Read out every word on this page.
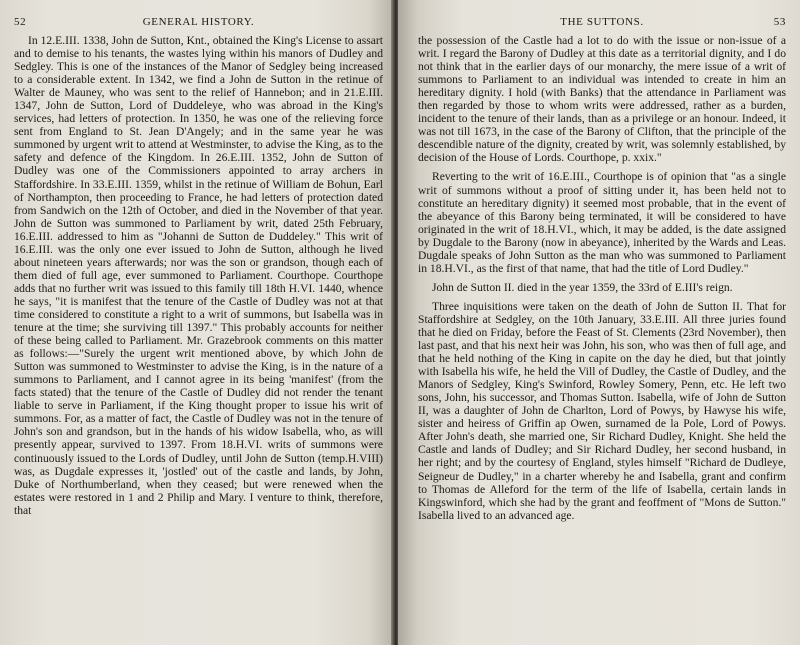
52	GENERAL HISTORY.

In 12.E.III. 1338, John de Sutton, Knt., obtained the King's License to assart and to demise to his tenants, the wastes lying within his manors of Dudley and Sedgley. This is one of the instances of the Manor of Sedgley being increased to a considerable extent. In 1342, we find a John de Sutton in the retinue of Walter de Mauney, who was sent to the relief of Hannebon; and in 21.E.III. 1347, John de Sutton, Lord of Duddeleye, who was abroad in the King's services, had letters of protection. In 1350, he was one of the relieving force sent from England to St. Jean D'Angely; and in the same year he was summoned by urgent writ to attend at Westminster, to advise the King, as to the safety and defence of the Kingdom. In 26.E.III. 1352, John de Sutton of Dudley was one of the Commissioners appointed to array archers in Staffordshire. In 33.E.III. 1359, whilst in the retinue of William de Bohun, Earl of Northampton, then proceeding to France, he had letters of protection dated from Sandwich on the 12th of October, and died in the November of that year. John de Sutton was summoned to Parliament by writ, dated 25th February, 16.E.III. addressed to him as "Johanni de Sutton de Duddeley." This writ of 16.E.III. was the only one ever issued to John de Sutton, although he lived about nineteen years afterwards; nor was the son or grandson, though each of them died of full age, ever summoned to Parliament. Courthope. Courthope adds that no further writ was issued to this family till 18th H.VI. 1440, whence he says, "it is manifest that the tenure of the Castle of Dudley was not at that time considered to constitute a right to a writ of summons, but Isabella was in tenure at the time; she surviving till 1397." This probably accounts for neither of these being called to Parliament. Mr. Grazebrook comments on this matter as follows:—"Surely the urgent writ mentioned above, by which John de Sutton was summoned to Westminster to advise the King, is in the nature of a summons to Parliament, and I cannot agree in its being 'manifest' (from the facts stated) that the tenure of the Castle of Dudley did not render the tenant liable to serve in Parliament, if the King thought proper to issue his writ of summons. For, as a matter of fact, the Castle of Dudley was not in the tenure of John's son and grandson, but in the hands of his widow Isabella, who, as will presently appear, survived to 1397. From 18.H.VI. writs of summons were continuously issued to the Lords of Dudley, until John de Sutton (temp.H.VIII) was, as Dugdale expresses it, 'jostled' out of the castle and lands, by John, Duke of Northumberland, when they ceased; but were renewed when the estates were restored in 1 and 2 Philip and Mary. I venture to think, therefore, that

THE SUTTONS.	53

the possession of the Castle had a lot to do with the issue or non-issue of a writ. I regard the Barony of Dudley at this date as a territorial dignity, and I do not think that in the earlier days of our monarchy, the mere issue of a writ of summons to Parliament to an individual was intended to create in him an hereditary dignity. I hold (with Banks) that the attendance in Parliament was then regarded by those to whom writs were addressed, rather as a burden, incident to the tenure of their lands, than as a privilege or an honour. Indeed, it was not till 1673, in the case of the Barony of Clifton, that the principle of the descendible nature of the dignity, created by writ, was solemnly established, by decision of the House of Lords. Courthope, p. xxix."

Reverting to the writ of 16.E.III., Courthope is of opinion that "as a single writ of summons without a proof of sitting under it, has been held not to constitute an hereditary dignity) it seemed most probable, that in the event of the abeyance of this Barony being terminated, it will be considered to have originated in the writ of 18.H.VI., which, it may be added, is the date assigned by Dugdale to the Barony (now in abeyance), inherited by the Wards and Leas. Dugdale speaks of John Sutton as the man who was summoned to Parliament in 18.H.VI., as the first of that name, that had the title of Lord Dudley."

John de Sutton II. died in the year 1359, the 33rd of E.III's reign.

Three inquisitions were taken on the death of John de Sutton II. That for Staffordshire at Sedgley, on the 10th January, 33.E.III. All three juries found that he died on Friday, before the Feast of St. Clements (23rd November), then last past, and that his next heir was John, his son, who was then of full age, and that he held nothing of the King in capite on the day he died, but that jointly with Isabella his wife, he held the Vill of Dudley, the Castle of Dudley, and the Manors of Sedgley, King's Swinford, Rowley Somery, Penn, etc. He left two sons, John, his successor, and Thomas Sutton. Isabella, wife of John de Sutton II, was a daughter of John de Charlton, Lord of Powys, by Hawyse his wife, sister and heiress of Griffin ap Owen, surnamed de la Pole, Lord of Powys. After John's death, she married one, Sir Richard Dudley, Knight. She held the Castle and lands of Dudley; and Sir Richard Dudley, her second husband, in her right; and by the courtesy of England, styles himself "Richard de Dudleye, Seigneur de Dudley," in a charter whereby he and Isabella, grant and confirm to Thomas de Alleford for the term of the life of Isabella, certain lands in Kingswinford, which she had by the grant and feoffment of "Mons de Sutton." Isabella lived to an advanced age.
